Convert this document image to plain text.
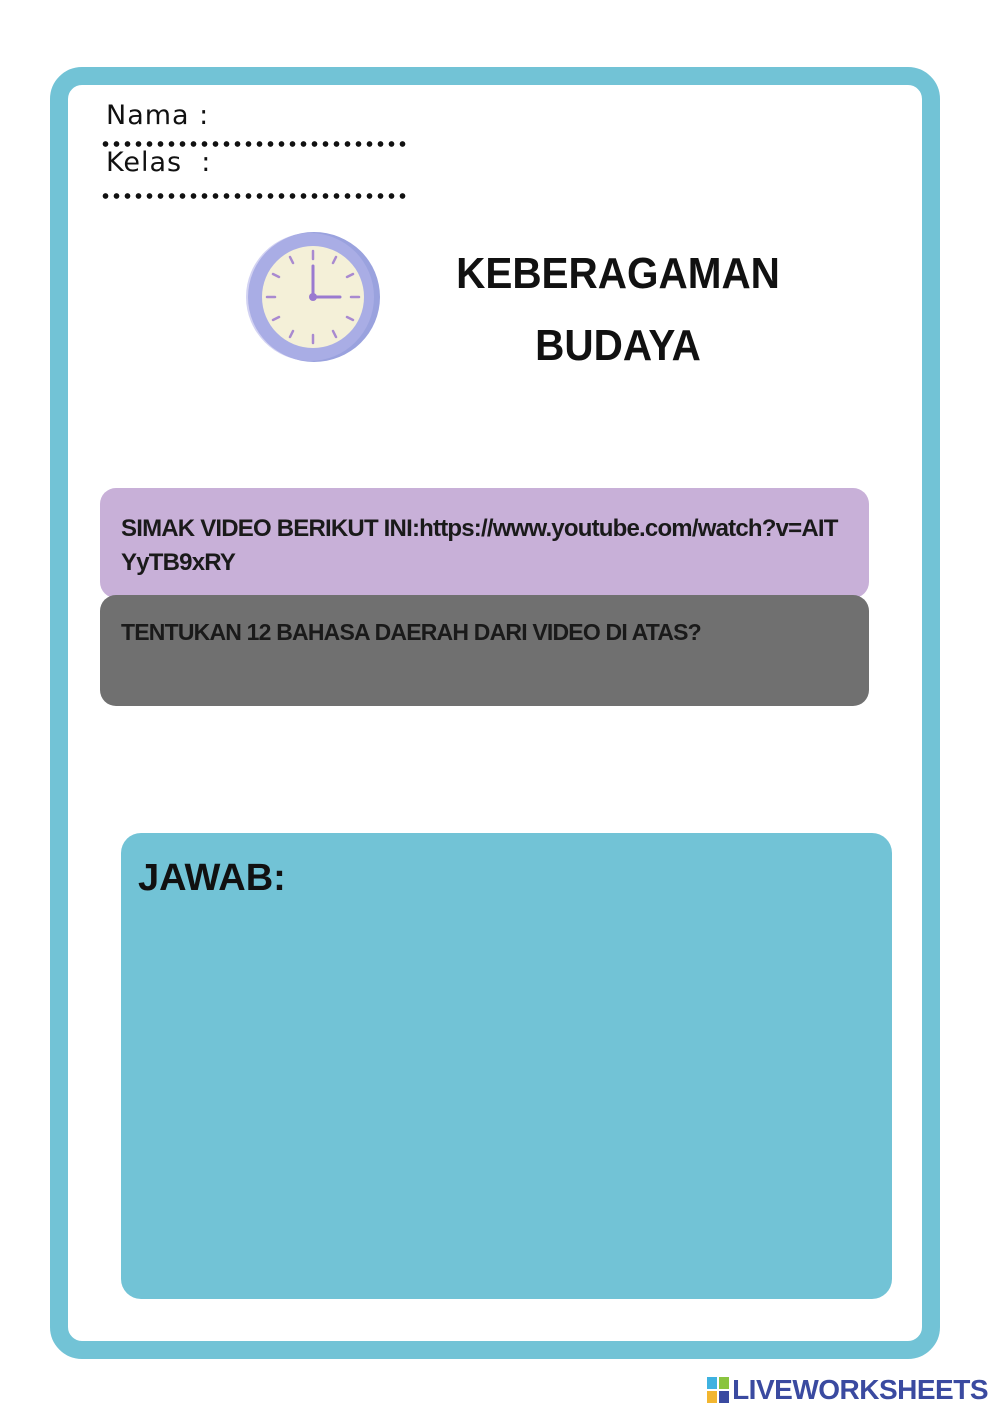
Nama :
Kelas  :
KEBERAGAMAN
BUDAYA
SIMAK VIDEO BERIKUT INI:https://www.youtube.com/watch?v=AITYyTB9xRY
TENTUKAN 12 BAHASA DAERAH DARI VIDEO DI ATAS?
JAWAB:
LIVEWORKSHEETS
